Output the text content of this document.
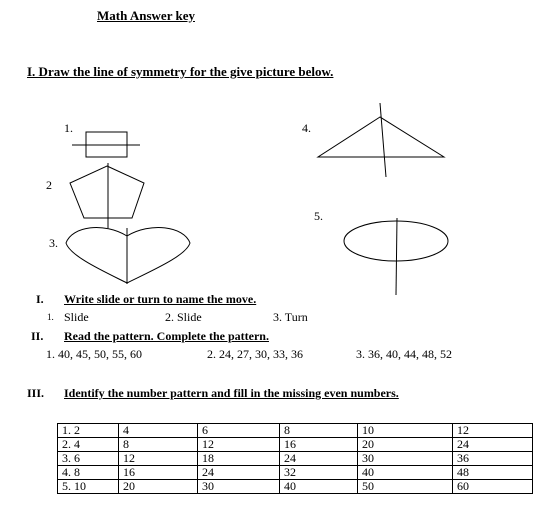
Math Answer key
I. Draw the line of symmetry for the give picture below.
1.
2
3.
4.
5.
I. Write slide or turn to name the move.
1. Slide	2. Slide	3. Turn
II. Read the pattern. Complete the pattern.
1. 40, 45, 50, 55, 60	2. 24, 27, 30, 33, 36	3. 36, 40, 44, 48, 52
III. Identify the number pattern and fill in the missing even numbers.
1. 2	4	6	8	10	12
2. 4	8	12	16	20	24
3. 6	12	18	24	30	36
4. 8	16	24	32	40	48
5. 10	20	30	40	50	60
